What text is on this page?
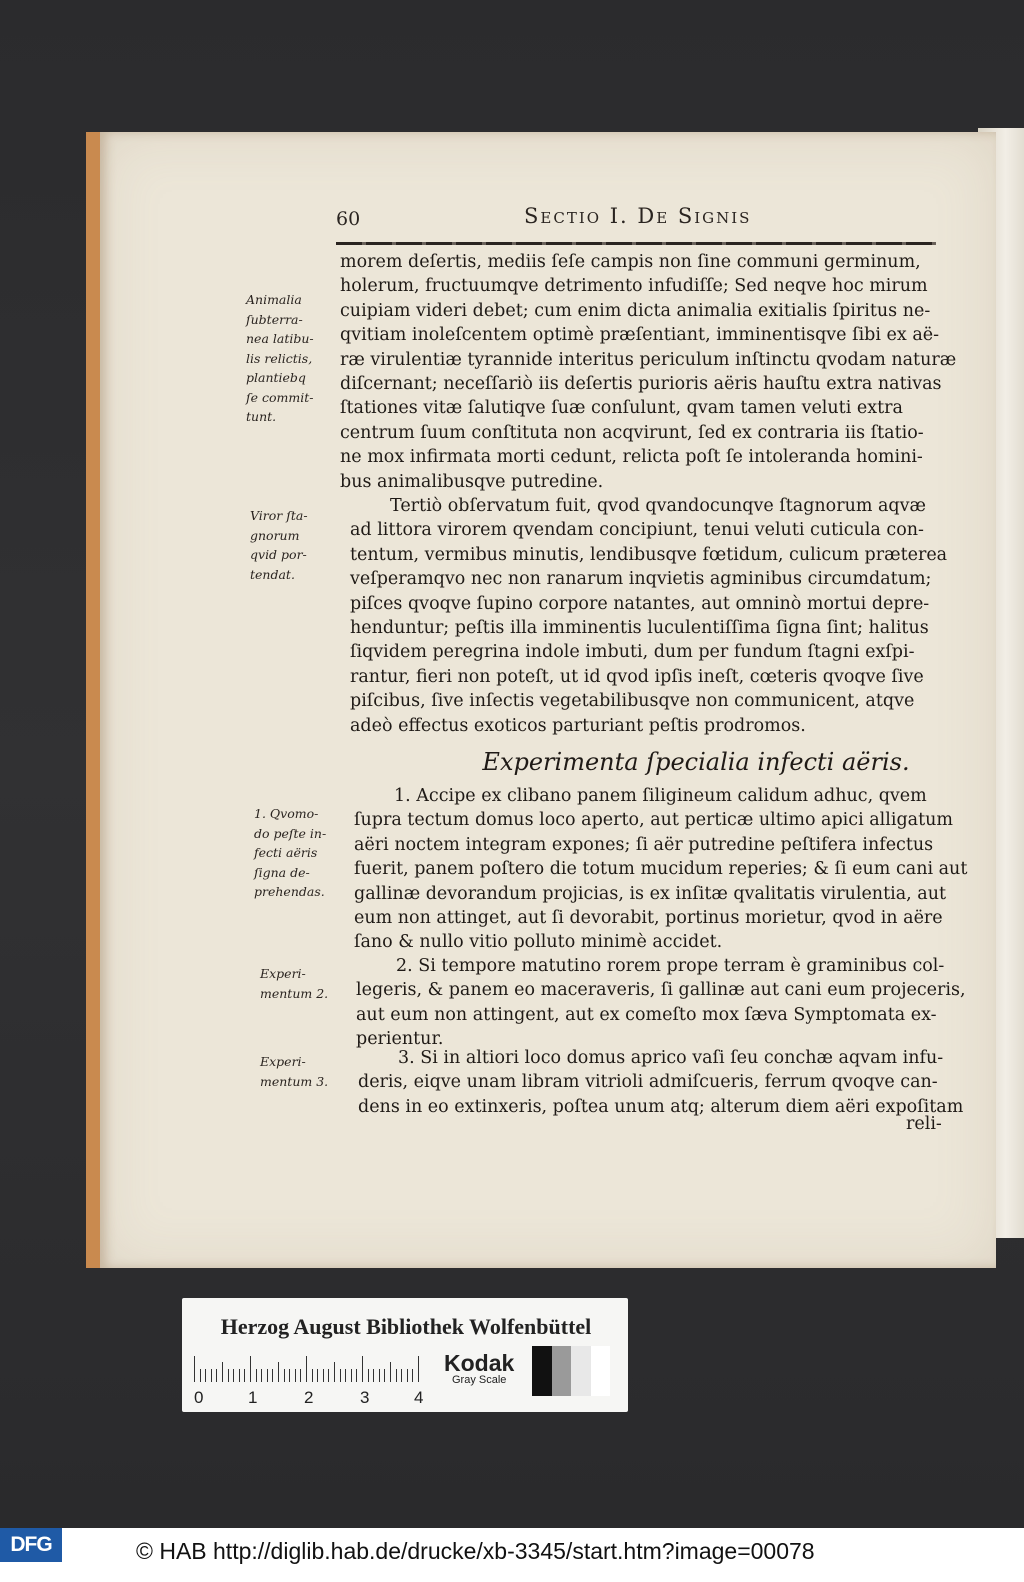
60	Sectio I. De Signis
morem deſertis, mediis ſeſe campis non ſine communi germinum,
holerum, fructuumqve detrimento infudiſſe; Sed neqve hoc mirum
cuipiam videri debet; cum enim dicta animalia exitialis ſpiritus ne-
qvitiam inoleſcentem optimè præſentiant, imminentisqve ſibi ex aë-
ræ virulentiæ tyrannide interitus periculum inſtinctu qvodam naturæ
diſcernant; neceſſariò iis deſertis purioris aëris hauſtu extra nativas
ſtationes vitæ ſalutiqve ſuæ conſulunt, qvam tamen veluti extra
centrum ſuum conſtituta non acqvirunt, ſed ex contraria iis ſtatio-
ne mox infirmata morti cedunt, relicta poſt ſe intoleranda homini-
bus animalibusqve putredine.
Tertiò obſervatum fuit, qvod qvandocunqve ſtagnorum aqvæ
ad littora virorem qvendam concipiunt, tenui veluti cuticula con-
tentum, vermibus minutis, lendibusqve fœtidum, culicum præterea
veſperamqvo nec non ranarum inqvietis agminibus circumdatum;
piſces qvoqve ſupino corpore natantes, aut omninò mortui depre-
henduntur; peſtis illa imminentis luculentiſſima ſigna ſint; halitus
ſiqvidem peregrina indole imbuti, dum per fundum ſtagni exſpi-
rantur, fieri non poteſt, ut id qvod ipſis ineſt, cœteris qvoqve ſive
piſcibus, ſive inſectis vegetabilibusqve non communicent, atqve
adeò effectus exoticos parturiant peſtis prodromos.
Experimenta ſpecialia infecti aëris.
1. Accipe ex clibano panem ſiligineum calidum adhuc, qvem
ſupra tectum domus loco aperto, aut perticæ ultimo apici alligatum
aëri noctem integram expones; ſi aër putredine peſtifera infectus
fuerit, panem poſtero die totum mucidum reperies; & ſi eum cani aut
gallinæ devorandum projicias, is ex inſitæ qvalitatis virulentia, aut
eum non attinget, aut ſi devorabit, portinus morietur, qvod in aëre
ſano & nullo vitio polluto minimè accidet.
2. Si tempore matutino rorem prope terram è graminibus col-
legeris, & panem eo maceraveris, ſi gallinæ aut cani eum projeceris,
aut eum non attingent, aut ex comeſto mox ſæva Symptomata ex-
perientur.
3. Si in altiori loco domus aprico vaſi ſeu conchæ aqvam infu-
deris, eiqve unam libram vitrioli admiſcueris, ferrum qvoqve can-
dens in eo extinxeris, poſtea unum atq; alterum diem aëri expoſitam
reli-
Animalia
ſubterra-
nea latibu-
lis relictis,
plantiebq
ſe commit-
tunt.
Viror ſta-
gnorum
qvid por-
tendat.
1. Qvomo-
do peſte in-
fecti aëris
ſigna de-
prehendas.
Experi-
mentum 2.
Experi-
mentum 3.
Herzog August Bibliothek Wolfenbüttel
0	1	2	3	4
Kodak
Gray Scale
DFG	© HAB http://diglib.hab.de/drucke/xb-3345/start.htm?image=00078
